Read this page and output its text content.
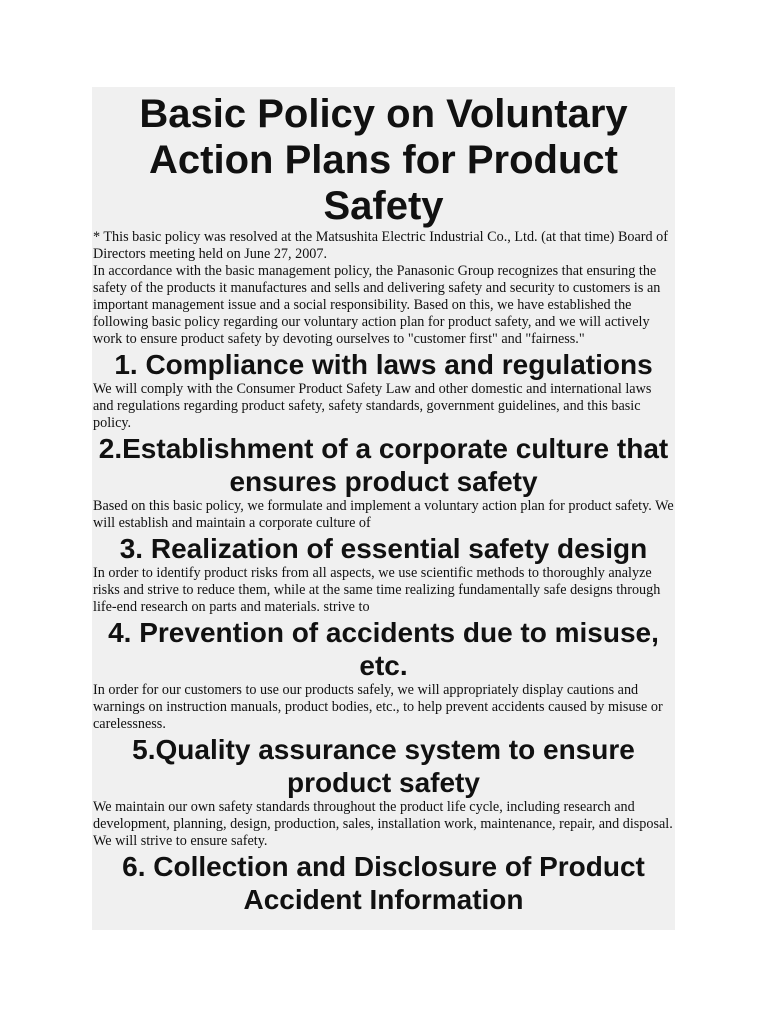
Basic Policy on Voluntary Action Plans for Product Safety

* This basic policy was resolved at the Matsushita Electric Industrial Co., Ltd. (at that time) Board of Directors meeting held on June 27, 2007.

In accordance with the basic management policy, the Panasonic Group recognizes that ensuring the safety of the products it manufactures and sells and delivering safety and security to customers is an important management issue and a social responsibility. Based on this, we have established the following basic policy regarding our voluntary action plan for product safety, and we will actively work to ensure product safety by devoting ourselves to "customer first" and "fairness."

1. Compliance with laws and regulations

We will comply with the Consumer Product Safety Law and other domestic and international laws and regulations regarding product safety, safety standards, government guidelines, and this basic policy.

2.Establishment of a corporate culture that ensures product safety

Based on this basic policy, we formulate and implement a voluntary action plan for product safety. We will establish and maintain a corporate culture of

3. Realization of essential safety design

In order to identify product risks from all aspects, we use scientific methods to thoroughly analyze risks and strive to reduce them, while at the same time realizing fundamentally safe designs through life-end research on parts and materials. strive to

4. Prevention of accidents due to misuse, etc.

In order for our customers to use our products safely, we will appropriately display cautions and warnings on instruction manuals, product bodies, etc., to help prevent accidents caused by misuse or carelessness.

5.Quality assurance system to ensure product safety

We maintain our own safety standards throughout the product life cycle, including research and development, planning, design, production, sales, installation work, maintenance, repair, and disposal. We will strive to ensure safety.

6. Collection and Disclosure of Product Accident Information
